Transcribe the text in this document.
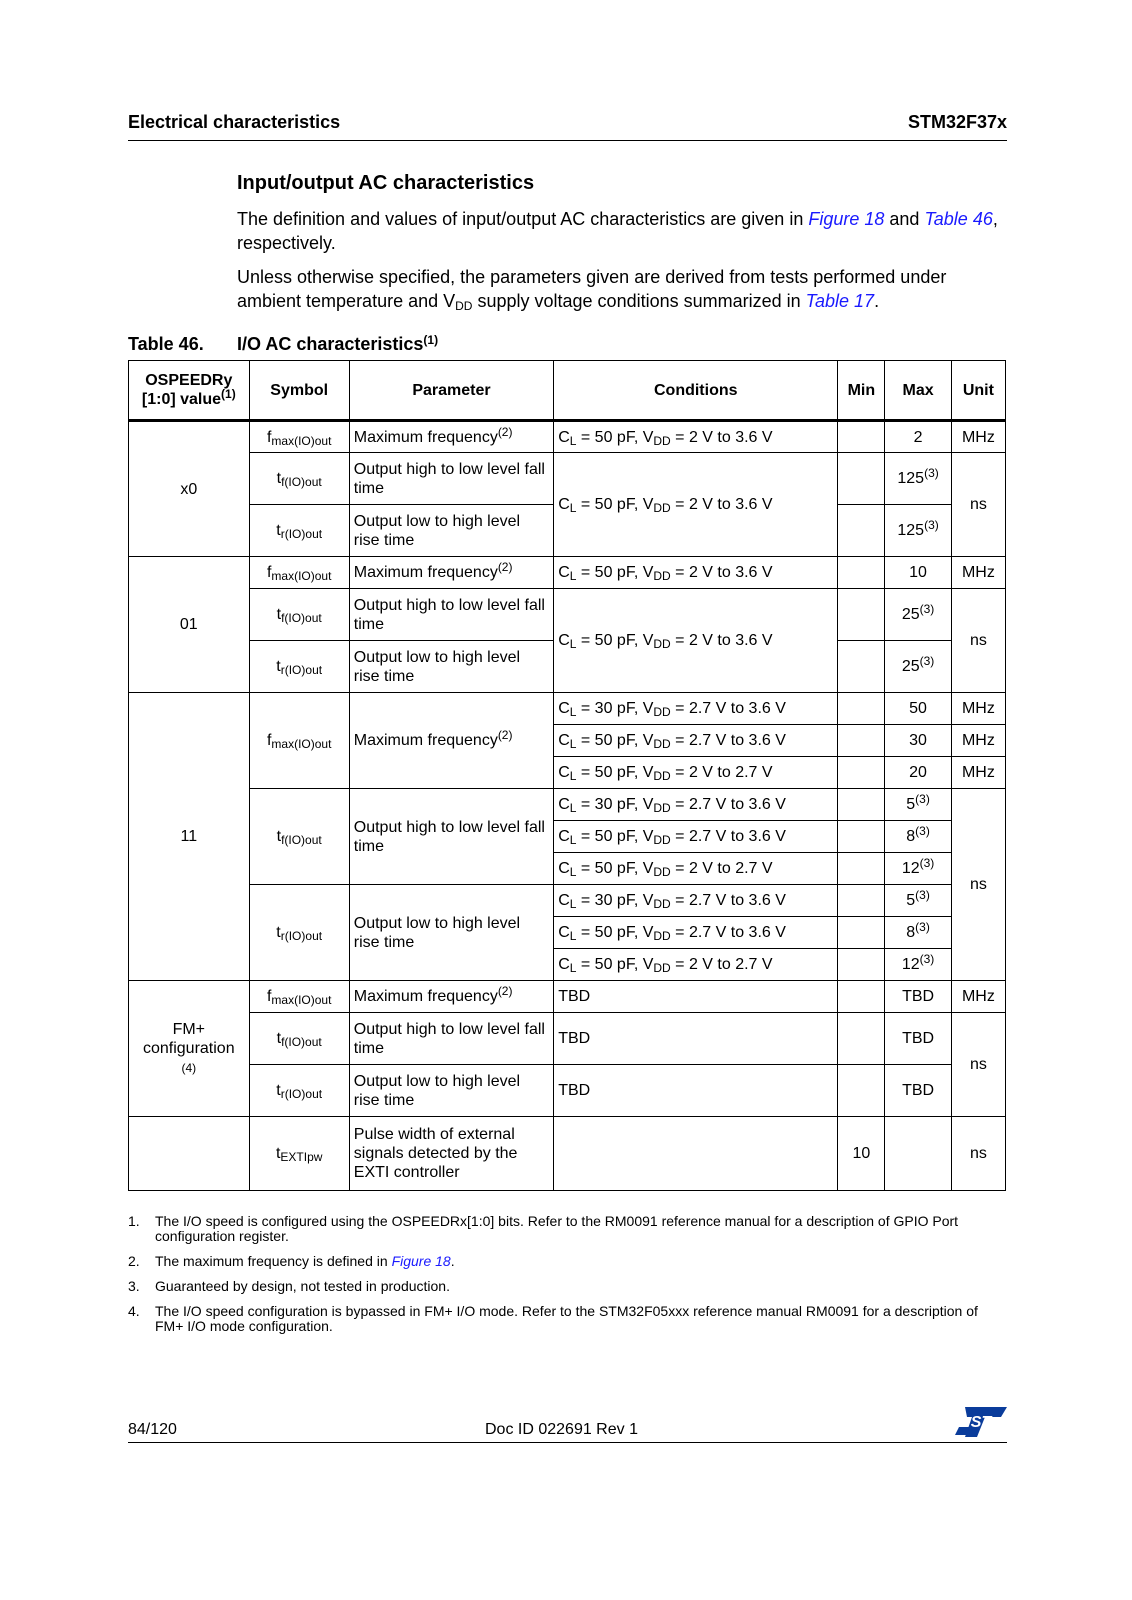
Electrical characteristics	STM32F37x
Input/output AC characteristics

The definition and values of input/output AC characteristics are given in Figure 18 and Table 46, respectively.

Unless otherwise specified, the parameters given are derived from tests performed under ambient temperature and $V_{DD}$ supply voltage conditions summarized in Table 17.

Table 46. I/O AC characteristics$^{(1)}$
OSPEEDRy
[1:0] value$^{(1)}$	Symbol	Parameter	Conditions	Min	Max	Unit
x0	$f_{max(IO)out}$	Maximum frequency$^{(2)}$	$C_L = 50$ pF, $V_{DD} = 2$ V to 3.6 V		2	MHz
	$t_{f(IO)out}$	Output high to low level fall time	$C_L = 50$ pF, $V_{DD} = 2$ V to 3.6 V		125$^{(3)}$	ns
	$t_{r(IO)out}$	Output low to high level rise time			125$^{(3)}$
01	$f_{max(IO)out}$	Maximum frequency$^{(2)}$	$C_L = 50$ pF, $V_{DD} = 2$ V to 3.6 V		10	MHz
	$t_{f(IO)out}$	Output high to low level fall time	$C_L = 50$ pF, $V_{DD} = 2$ V to 3.6 V		25$^{(3)}$	ns
	$t_{r(IO)out}$	Output low to high level rise time			25$^{(3)}$
11	$f_{max(IO)out}$	Maximum frequency$^{(2)}$	$C_L = 30$ pF, $V_{DD} = 2.7$ V to 3.6 V		50	MHz
			$C_L = 50$ pF, $V_{DD} = 2.7$ V to 3.6 V		30	MHz
			$C_L = 50$ pF, $V_{DD} = 2$ V to 2.7 V		20	MHz
	$t_{f(IO)out}$	Output high to low level fall time	$C_L = 30$ pF, $V_{DD} = 2.7$ V to 3.6 V		5$^{(3)}$	ns
			$C_L = 50$ pF, $V_{DD} = 2.7$ V to 3.6 V		8$^{(3)}$
			$C_L = 50$ pF, $V_{DD} = 2$ V to 2.7 V		12$^{(3)}$
	$t_{r(IO)out}$	Output low to high level rise time	$C_L = 30$ pF, $V_{DD} = 2.7$ V to 3.6 V		5$^{(3)}$
			$C_L = 50$ pF, $V_{DD} = 2.7$ V to 3.6 V		8$^{(3)}$
			$C_L = 50$ pF, $V_{DD} = 2$ V to 2.7 V		12$^{(3)}$
FM+
configuration
(4)	$f_{max(IO)out}$	Maximum frequency$^{(2)}$	TBD		TBD	MHz
	$t_{f(IO)out}$	Output high to low level fall time	TBD		TBD	ns
	$t_{r(IO)out}$	Output low to high level rise time	TBD		TBD	
	$t_{EXTIpw}$	Pulse width of external signals detected by the EXTI controller		10		ns
1. The I/O speed is configured using the OSPEEDRx[1:0] bits. Refer to the RM0091 reference manual for a description of GPIO Port configuration register.
2. The maximum frequency is defined in Figure 18.
3. Guaranteed by design, not tested in production.
4. The I/O speed configuration is bypassed in FM+ I/O mode. Refer to the STM32F05xxx reference manual RM0091 for a description of FM+ I/O mode configuration.
84/120	Doc ID 022691 Rev 1	ST
